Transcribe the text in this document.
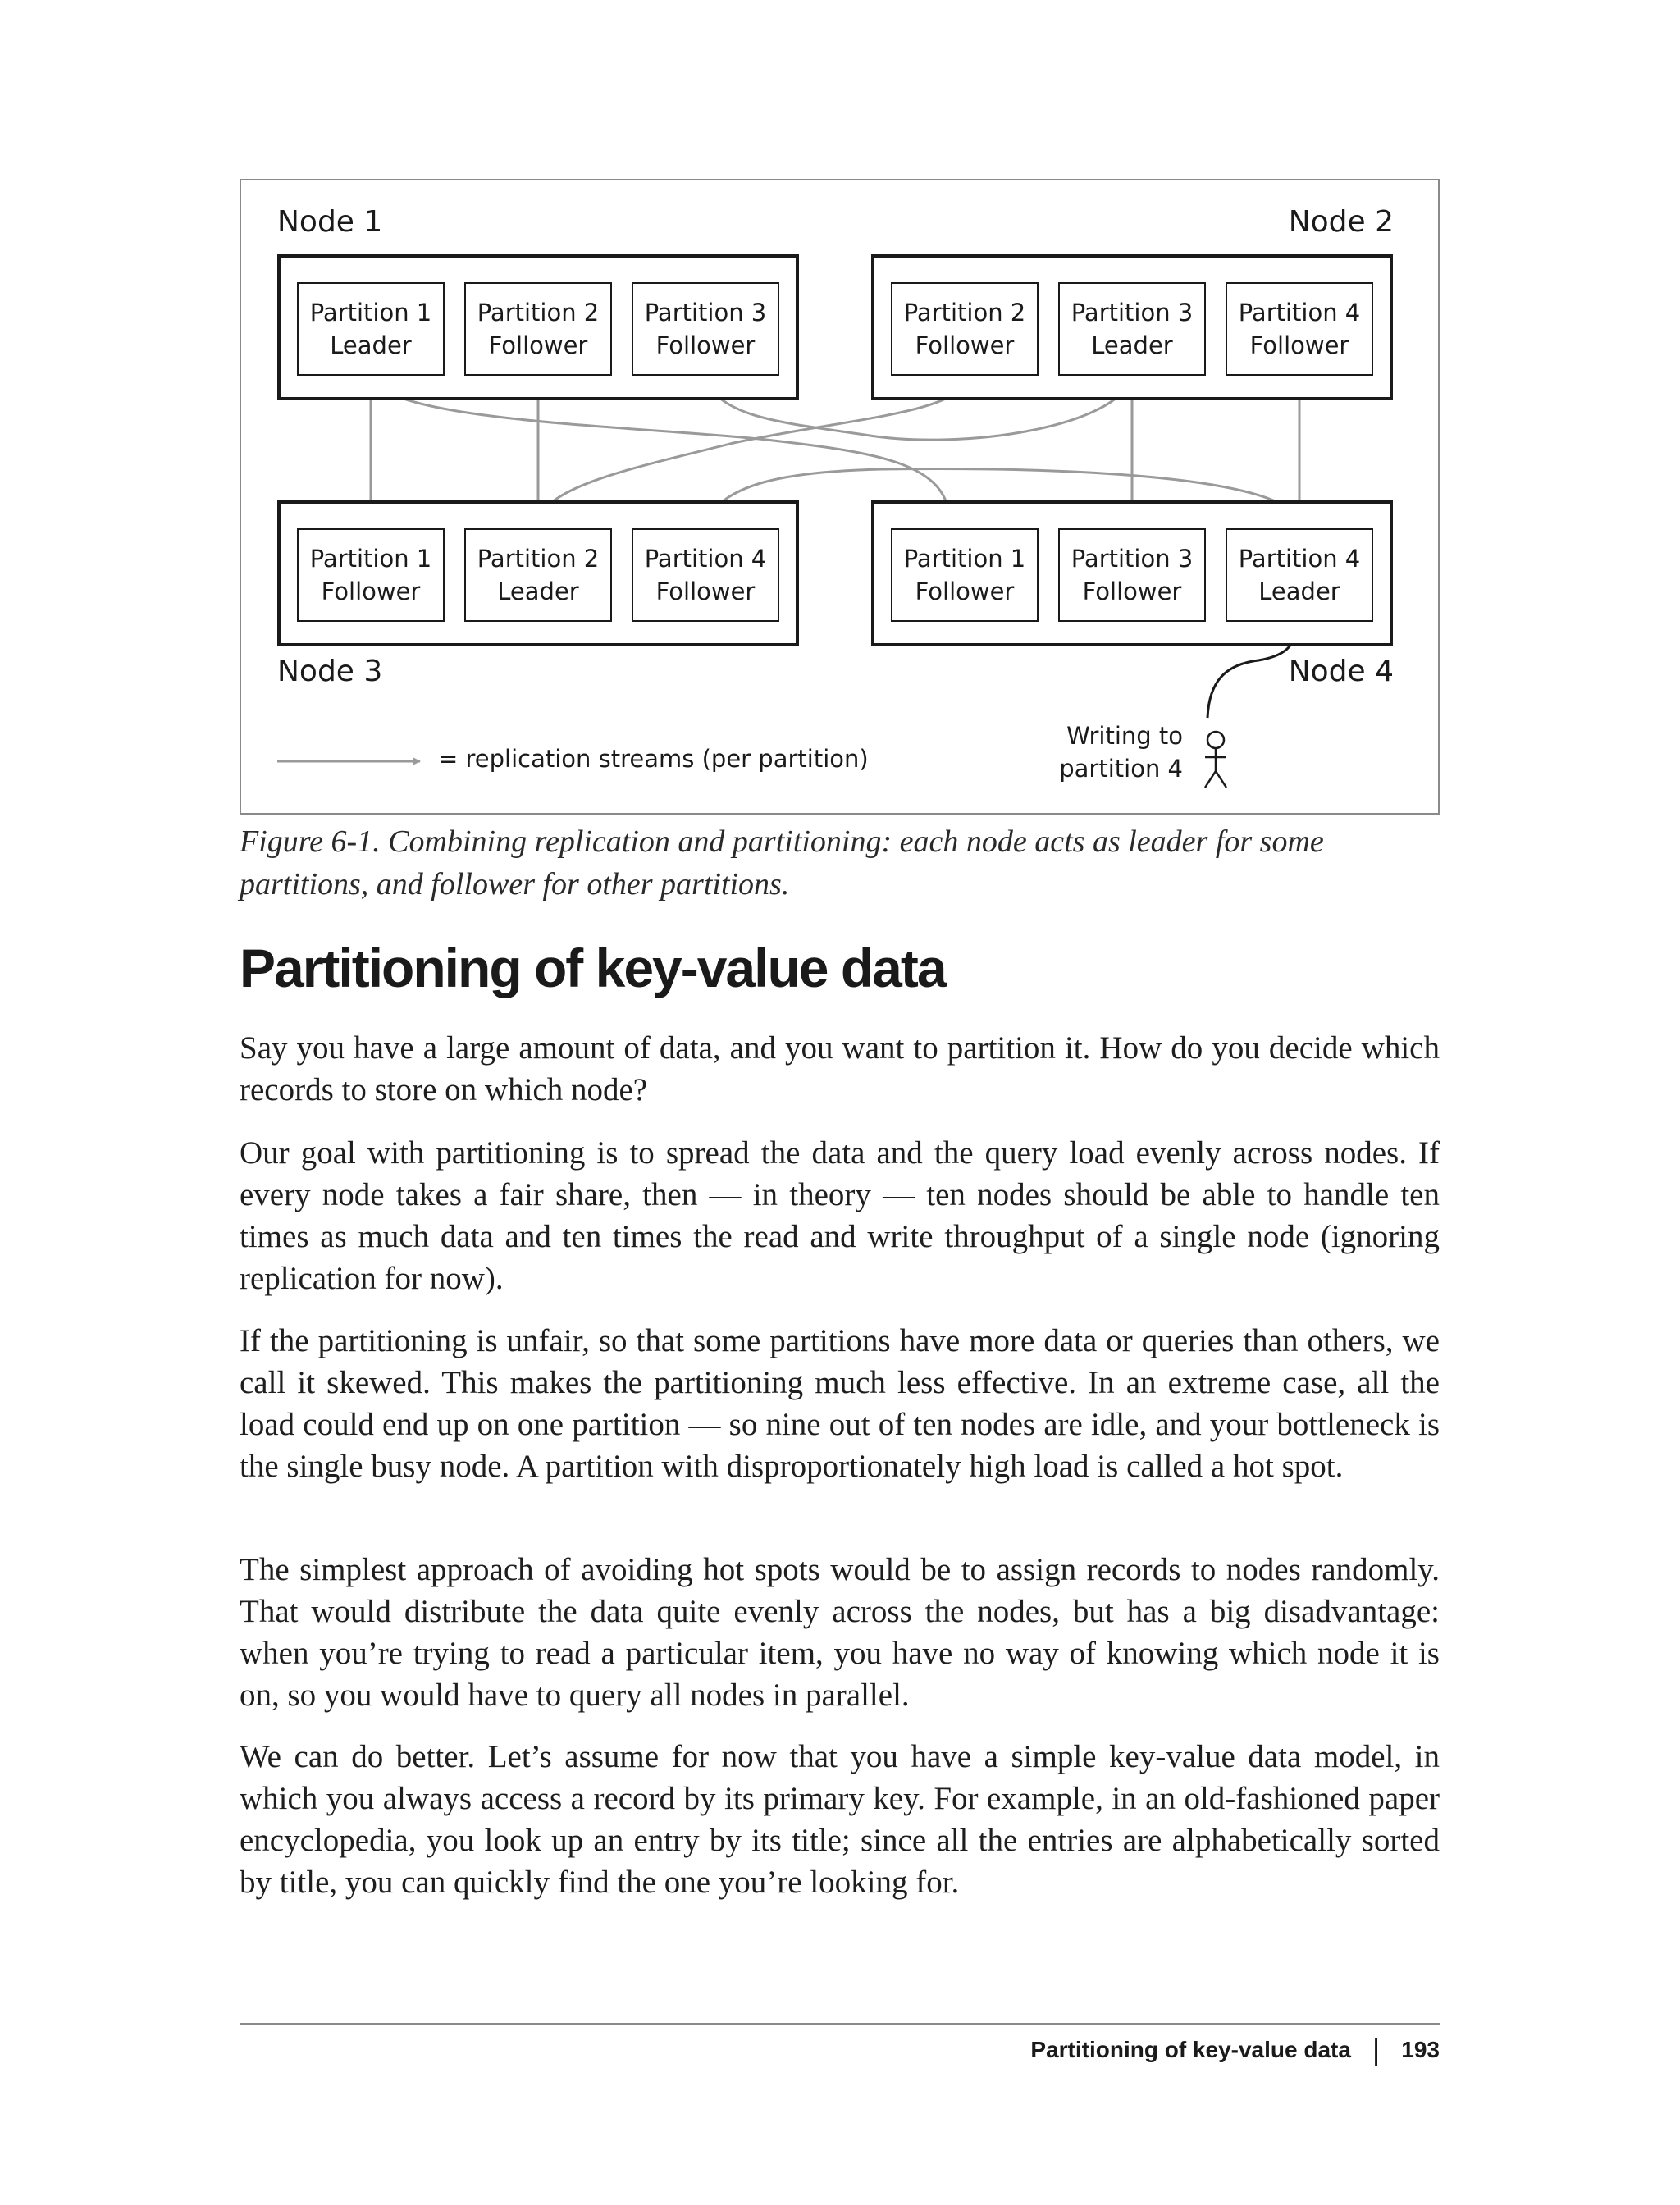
Node 1	Node 2
Node 3	Node 4
Partition 1
Leader
Partition 2
Follower
Partition 3
Follower
Partition 2
Follower
Partition 3
Leader
Partition 4
Follower
Partition 1
Follower
Partition 2
Leader
Partition 4
Follower
Partition 1
Follower
Partition 3
Follower
Partition 4
Leader
= replication streams (per partition)
Writing to
partition 4
Figure 6-1. Combining replication and partitioning: each node acts as leader for some partitions, and follower for other partitions.
Partitioning of key-value data

Say you have a large amount of data, and you want to partition it. How do you decide which records to store on which node?

Our goal with partitioning is to spread the data and the query load evenly across nodes. If every node takes a fair share, then — in theory — ten nodes should be able to handle ten times as much data and ten times the read and write throughput of a single node (ignoring replication for now).

If the partitioning is unfair, so that some partitions have more data or queries than others, we call it skewed. This makes the partitioning much less effective. In an extreme case, all the load could end up on one partition — so nine out of ten nodes are idle, and your bottleneck is the single busy node. A partition with disproportionately high load is called a hot spot.

The simplest approach of avoiding hot spots would be to assign records to nodes randomly. That would distribute the data quite evenly across the nodes, but has a big disadvantage: when you’re trying to read a particular item, you have no way of knowing which node it is on, so you would have to query all nodes in parallel.

We can do better. Let’s assume for now that you have a simple key-value data model, in which you always access a record by its primary key. For example, in an old-fashioned paper encyclopedia, you look up an entry by its title; since all the entries are alphabetically sorted by title, you can quickly find the one you’re looking for.

Partitioning of key-value data | 193
